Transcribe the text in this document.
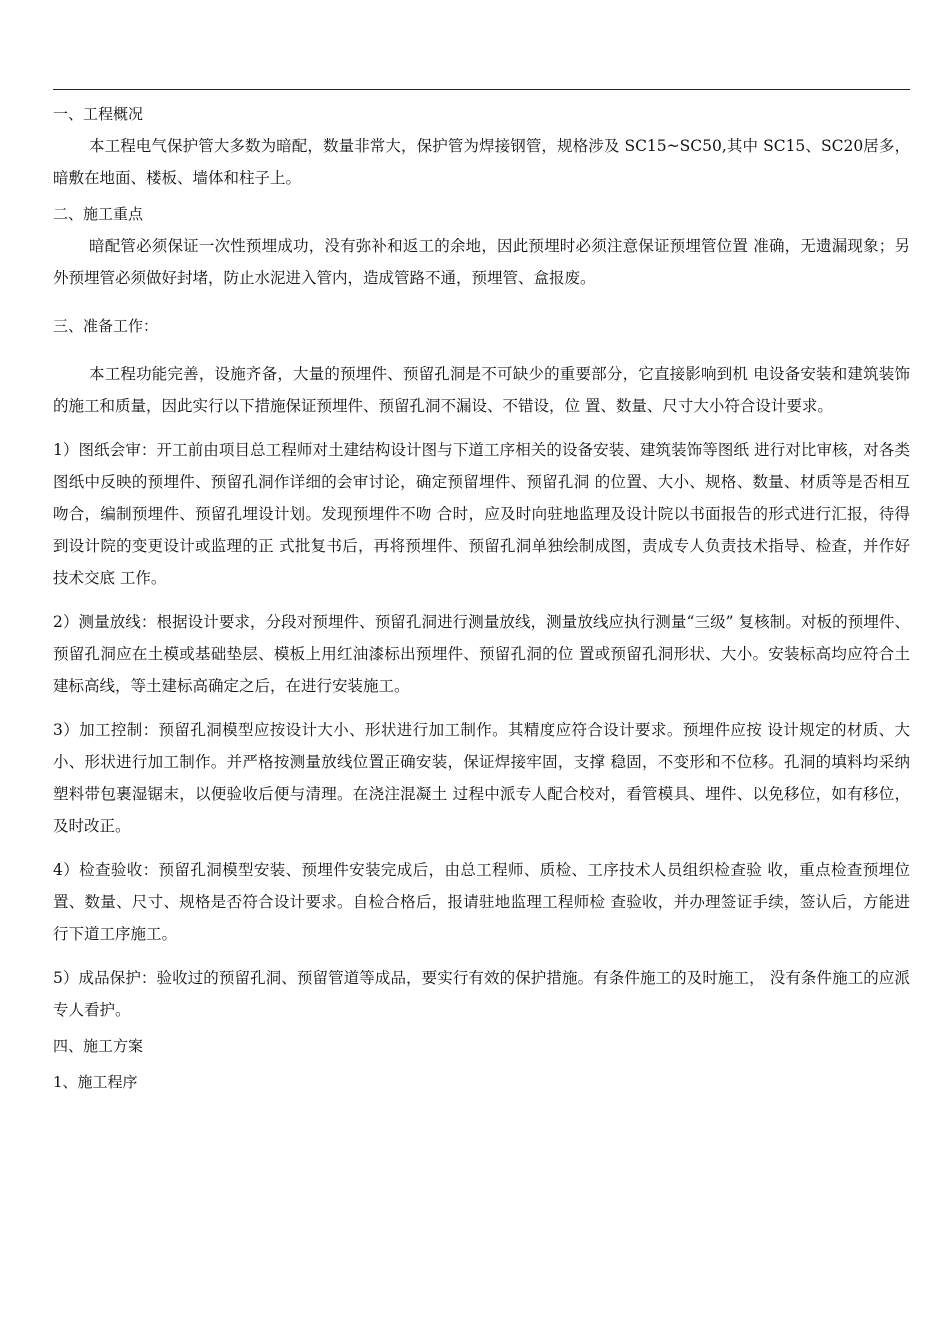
一、工程概况

本工程电气保护管大多数为暗配，数量非常大，保护管为焊接钢管，规格涉及 SC15~SC50,其中 SC15、SC20居多，暗敷在地面、楼板、墙体和柱子上。

二、施工重点

暗配管必须保证一次性预埋成功，没有弥补和返工的余地，因此预埋时必须注意保证预埋管位置 准确，无遗漏现象；另外预埋管必须做好封堵，防止水泥进入管内，造成管路不通，预埋管、盒报废。

三、准备工作：

本工程功能完善，设施齐备，大量的预埋件、预留孔洞是不可缺少的重要部分，它直接影响到机 电设备安装和建筑装饰的施工和质量，因此实行以下措施保证预埋件、预留孔洞不漏设、不错设，位 置、数量、尺寸大小符合设计要求。

1）图纸会审：开工前由项目总工程师对土建结构设计图与下道工序相关的设备安装、建筑装饰等图纸 进行对比审核，对各类图纸中反映的预埋件、预留孔洞作详细的会审讨论，确定预留埋件、预留孔洞 的位置、大小、规格、数量、材质等是否相互吻合，编制预埋件、预留孔埋设计划。发现预埋件不吻 合时，应及时向驻地监理及设计院以书面报告的形式进行汇报，待得到设计院的变更设计或监理的正 式批复书后，再将预埋件、预留孔洞单独绘制成图，责成专人负责技术指导、检查，并作好技术交底 工作。

2）测量放线：根据设计要求，分段对预埋件、预留孔洞进行测量放线，测量放线应执行测量“三级” 复核制。对板的预埋件、预留孔洞应在土模或基础垫层、模板上用红油漆标出预埋件、预留孔洞的位 置或预留孔洞形状、大小。安装标高均应符合土建标高线，等土建标高确定之后，在进行安装施工。

3）加工控制：预留孔洞模型应按设计大小、形状进行加工制作。其精度应符合设计要求。预埋件应按 设计规定的材质、大小、形状进行加工制作。并严格按测量放线位置正确安装，保证焊接牢固，支撑 稳固，不变形和不位移。孔洞的填料均采纳塑料带包裹湿锯末，以便验收后便与清理。在浇注混凝土 过程中派专人配合校对，看管模具、埋件、以免移位，如有移位，及时改正。

4）检查验收：预留孔洞模型安装、预埋件安装完成后，由总工程师、质检、工序技术人员组织检查验 收，重点检查预埋位置、数量、尺寸、规格是否符合设计要求。自检合格后，报请驻地监理工程师检 查验收，并办理签证手续，签认后，方能进行下道工序施工。

5）成品保护：验收过的预留孔洞、预留管道等成品，要实行有效的保护措施。有条件施工的及时施工， 没有条件施工的应派专人看护。

四、施工方案

1、施工程序
